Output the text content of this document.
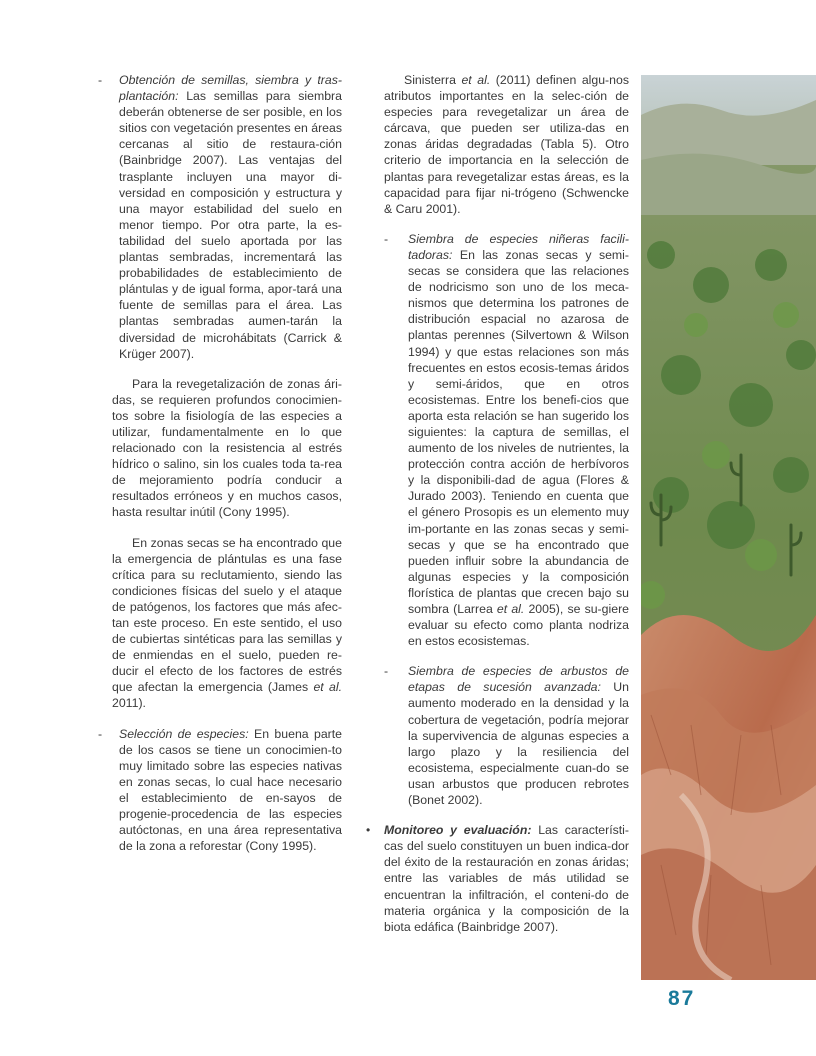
- Obtención de semillas, siembra y tras-plantación: Las semillas para siembra deberán obtenerse de ser posible, en los sitios con vegetación presentes en áreas cercanas al sitio de restaura-ción (Bainbridge 2007). Las ventajas del trasplante incluyen una mayor di-versidad en composición y estructura y una mayor estabilidad del suelo en menor tiempo. Por otra parte, la es-tabilidad del suelo aportada por las plantas sembradas, incrementará las probabilidades de establecimiento de plántulas y de igual forma, apor-tará una fuente de semillas para el área. Las plantas sembradas aumen-tarán la diversidad de microhábitats (Carrick & Krüger 2007).

Para la revegetalización de zonas ári-das, se requieren profundos conocimien-tos sobre la fisiología de las especies a utilizar, fundamentalmente en lo que relacionado con la resistencia al estrés hídrico o salino, sin los cuales toda ta-rea de mejoramiento podría conducir a resultados erróneos y en muchos casos, hasta resultar inútil (Cony 1995).

En zonas secas se ha encontrado que la emergencia de plántulas es una fase crítica para su reclutamiento, siendo las condiciones físicas del suelo y el ataque de patógenos, los factores que más afec-tan este proceso. En este sentido, el uso de cubiertas sintéticas para las semillas y de enmiendas en el suelo, pueden re-ducir el efecto de los factores de estrés que afectan la emergencia (James et al. 2011).

- Selección de especies: En buena parte de los casos se tiene un conocimien-to muy limitado sobre las especies nativas en zonas secas, lo cual hace necesario el establecimiento de en-sayos de progenie-procedencia de las especies autóctonas, en una área representativa de la zona a reforestar (Cony 1995).

Sinisterra et al. (2011) definen algu-nos atributos importantes en la selec-ción de especies para revegetalizar un área de cárcava, que pueden ser utiliza-das en zonas áridas degradadas (Tabla 5). Otro criterio de importancia en la selección de plantas para revegetalizar estas áreas, es la capacidad para fijar ni-trógeno (Schwencke & Caru 2001).

- Siembra de especies niñeras facili-tadoras: En las zonas secas y semi-secas se considera que las relaciones de nodricismo son uno de los meca-nismos que determina los patrones de distribución espacial no azarosa de plantas perennes (Silvertown & Wilson 1994) y que estas relaciones son más frecuentes en estos ecosis-temas áridos y semi-áridos, que en otros ecosistemas. Entre los benefi-cios que aporta esta relación se han sugerido los siguientes: la captura de semillas, el aumento de los niveles de nutrientes, la protección contra acción de herbívoros y la disponibili-dad de agua (Flores & Jurado 2003). Teniendo en cuenta que el género Prosopis es un elemento muy im-portante en las zonas secas y semi-secas y que se ha encontrado que pueden influir sobre la abundancia de algunas especies y la composición florística de plantas que crecen bajo su sombra (Larrea et al. 2005), se su-giere evaluar su efecto como planta nodriza en estos ecosistemas.
- Siembra de especies de arbustos de etapas de sucesión avanzada: Un aumento moderado en la densidad y la cobertura de vegetación, podría mejorar la supervivencia de algunas especies a largo plazo y la resiliencia del ecosistema, especialmente cuan-do se usan arbustos que producen rebrotes (Bonet 2002).
• Monitoreo y evaluación: Las característi-cas del suelo constituyen un buen indica-dor del éxito de la restauración en zonas áridas; entre las variables de más utilidad se encuentran la infiltración, el conteni-do de materia orgánica y la composición de la biota edáfica (Bainbridge 2007).
87
